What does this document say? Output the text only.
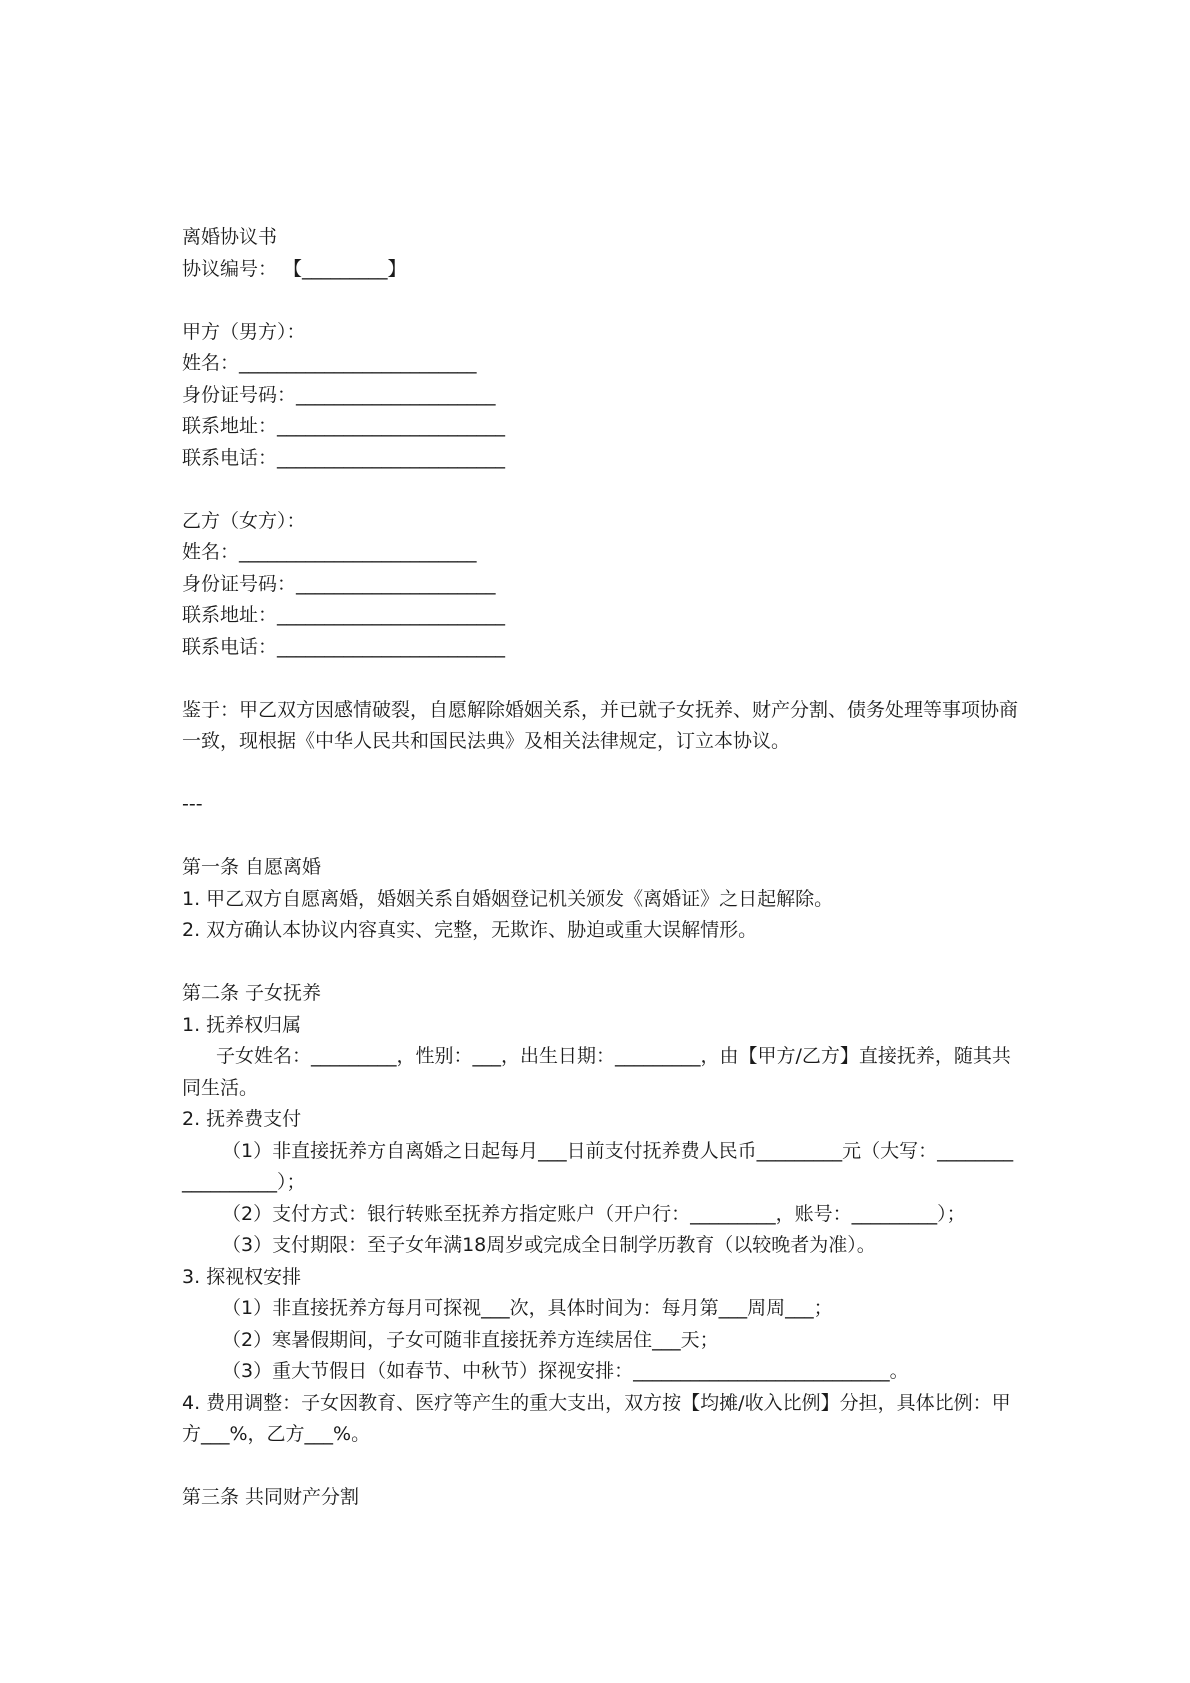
离婚协议书
协议编号： 【_________】
甲方（男方）：
姓名：_________________________
身份证号码：_____________________
联系地址：________________________
联系电话：________________________
乙方（女方）：
姓名：_________________________
身份证号码：_____________________
联系地址：________________________
联系电话：________________________
鉴于：甲乙双方因感情破裂，自愿解除婚姻关系，并已就子女抚养、财产分割、债务处理等事项协商一致，现根据《中华人民共和国民法典》及相关法律规定，订立本协议。
---
第一条 自愿离婚
1. 甲乙双方自愿离婚，婚姻关系自婚姻登记机关颁发《离婚证》之日起解除。
2. 双方确认本协议内容真实、完整，无欺诈、胁迫或重大误解情形。
第二条 子女抚养
1. 抚养权归属
子女姓名：_________，性别：___，出生日期：_________，由【甲方/乙方】直接抚养，随其共同生活。
2. 抚养费支付
（1）非直接抚养方自离婚之日起每月___日前支付抚养费人民币_________元（大写：__________________）；
（2）支付方式：银行转账至抚养方指定账户（开户行：_________，账号：_________）；
（3）支付期限：至子女年满18周岁或完成全日制学历教育（以较晚者为准）。
3. 探视权安排
（1）非直接抚养方每月可探视___次，具体时间为：每月第___周周___；
（2）寒暑假期间，子女可随非直接抚养方连续居住___天；
（3）重大节假日（如春节、中秋节）探视安排：___________________________。
4. 费用调整：子女因教育、医疗等产生的重大支出，双方按【均摊/收入比例】分担，具体比例：甲方___%，乙方___%。
第三条 共同财产分割
